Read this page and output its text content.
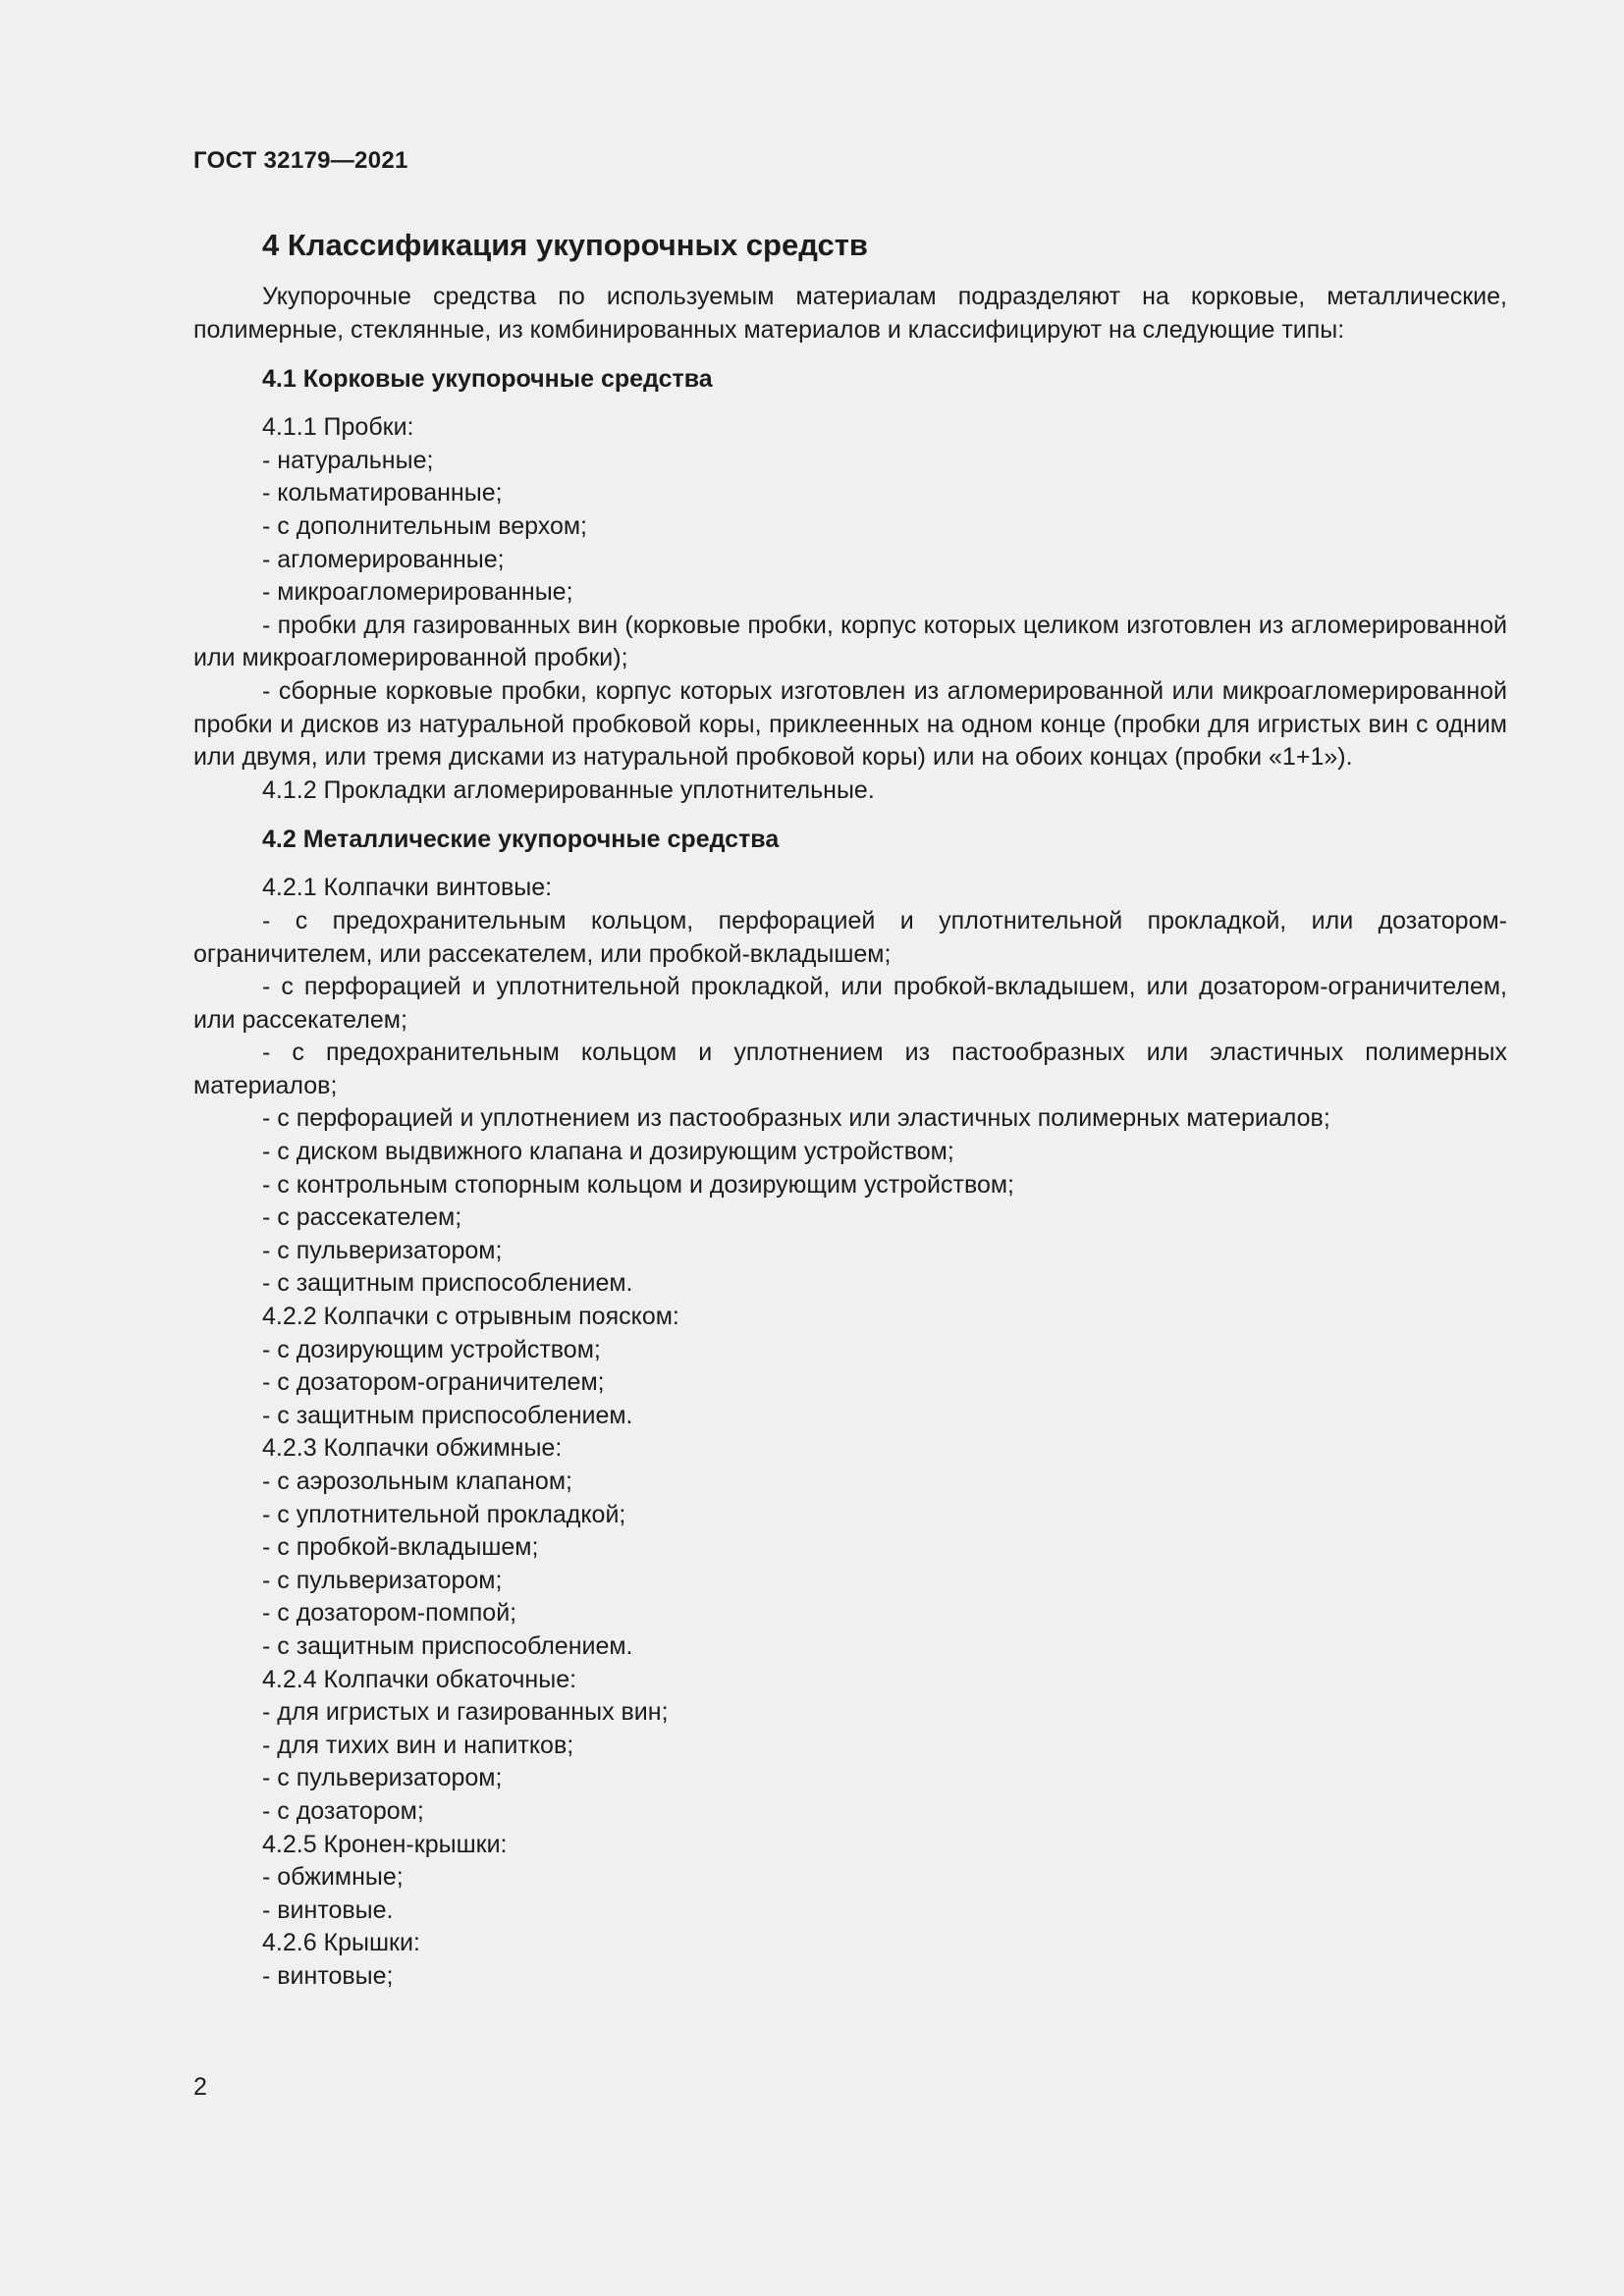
ГОСТ 32179—2021
4 Классификация укупорочных средств

Укупорочные средства по используемым материалам подразделяют на корковые, металлические, полимерные, стеклянные, из комбинированных материалов и классифицируют на следующие типы:

4.1 Корковые укупорочные средства

4.1.1 Пробки:

- натуральные;

- кольматированные;

- с дополнительным верхом;

- агломерированные;

- микроагломерированные;

- пробки для газированных вин (корковые пробки, корпус которых целиком изготовлен из агломерированной или микроагломерированной пробки);

- сборные корковые пробки, корпус которых изготовлен из агломерированной или микроагломерированной пробки и дисков из натуральной пробковой коры, приклеенных на одном конце (пробки для игристых вин с одним или двумя, или тремя дисками из натуральной пробковой коры) или на обоих концах (пробки «1+1»).

4.1.2 Прокладки агломерированные уплотнительные.

4.2 Металлические укупорочные средства

4.2.1 Колпачки винтовые:

- с предохранительным кольцом, перфорацией и уплотнительной прокладкой, или дозатором-ограничителем, или рассекателем, или пробкой-вкладышем;

- с перфорацией и уплотнительной прокладкой, или пробкой-вкладышем, или дозатором-ограничителем, или рассекателем;

- с предохранительным кольцом и уплотнением из пастообразных или эластичных полимерных материалов;

- с перфорацией и уплотнением из пастообразных или эластичных полимерных материалов;

- с диском выдвижного клапана и дозирующим устройством;

- с контрольным стопорным кольцом и дозирующим устройством;

- с рассекателем;

- с пульверизатором;

- с защитным приспособлением.

4.2.2 Колпачки с отрывным пояском:

- с дозирующим устройством;

- с дозатором-ограничителем;

- с защитным приспособлением.

4.2.3 Колпачки обжимные:

- с аэрозольным клапаном;

- с уплотнительной прокладкой;

- с пробкой-вкладышем;

- с пульверизатором;

- с дозатором-помпой;

- с защитным приспособлением.

4.2.4 Колпачки обкаточные:

- для игристых и газированных вин;

- для тихих вин и напитков;

- с пульверизатором;

- с дозатором;

4.2.5 Кронен-крышки:

- обжимные;

- винтовые.

4.2.6 Крышки:

- винтовые;

2
